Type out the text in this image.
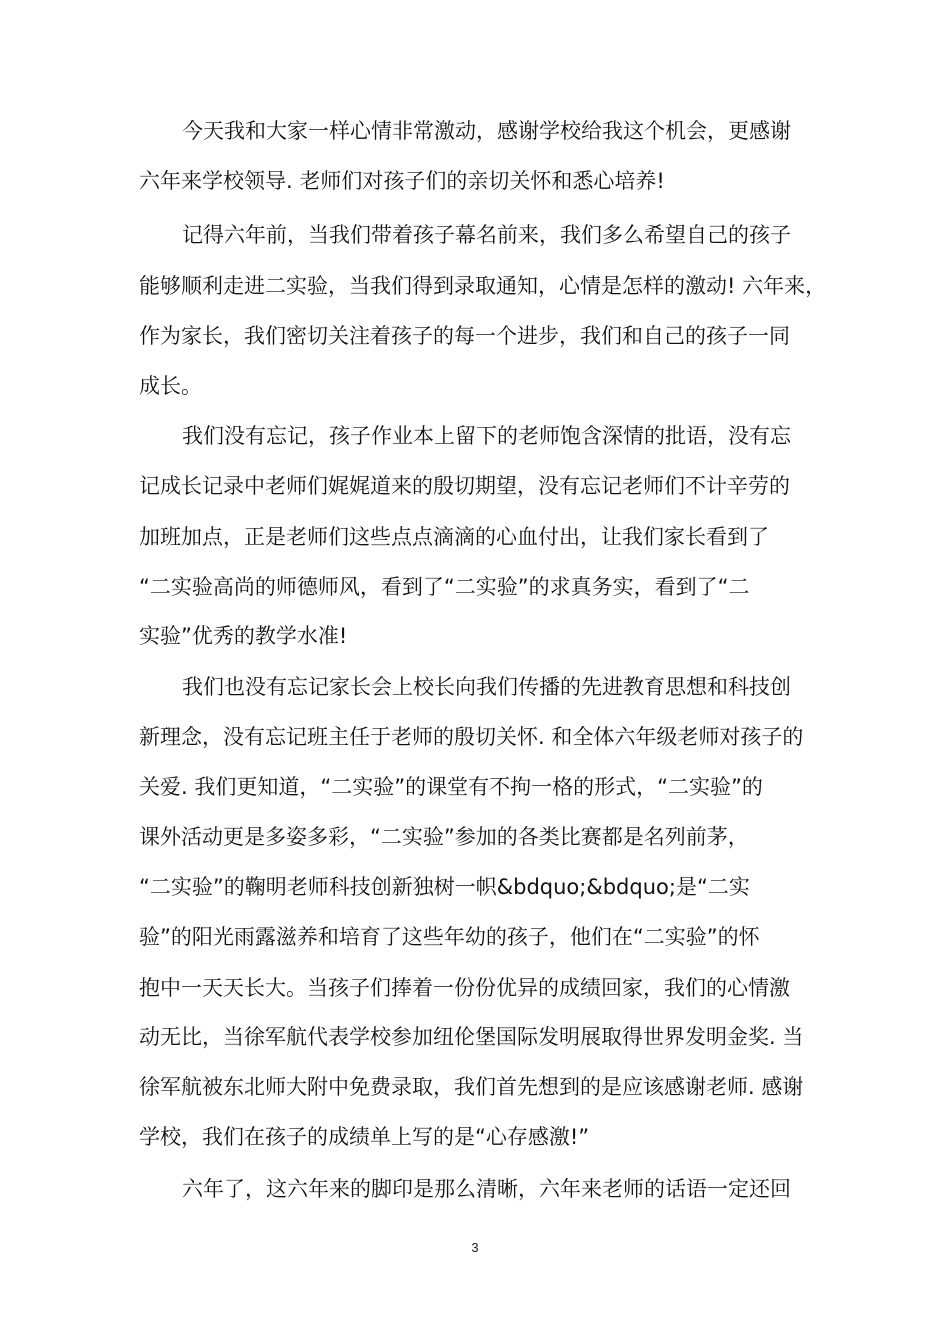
今天我和大家一样心情非常激动，感谢学校给我这个机会，更感谢
六年来学校领导. 老师们对孩子们的亲切关怀和悉心培养!
记得六年前，当我们带着孩子幕名前来，我们多么希望自己的孩子
能够顺利走进二实验，当我们得到录取通知，心情是怎样的激动! 六年来，
作为家长，我们密切关注着孩子的每一个进步，我们和自己的孩子一同
成长。
我们没有忘记，孩子作业本上留下的老师饱含深情的批语，没有忘
记成长记录中老师们娓娓道来的殷切期望，没有忘记老师们不计辛劳的
加班加点，正是老师们这些点点滴滴的心血付出，让我们家长看到了
“二实验高尚的师德师风，看到了“二实验”的求真务实，看到了“二
实验”优秀的教学水准!
我们也没有忘记家长会上校长向我们传播的先进教育思想和科技创
新理念，没有忘记班主任于老师的殷切关怀. 和全体六年级老师对孩子的
关爱. 我们更知道，“二实验”的课堂有不拘一格的形式，“二实验”的
课外活动更是多姿多彩，“二实验”参加的各类比赛都是名列前茅，
“二实验”的鞠明老师科技创新独树一帜&bdquo;&bdquo;是“二实
验”的阳光雨露滋养和培育了这些年幼的孩子，他们在“二实验”的怀
抱中一天天长大。当孩子们捧着一份份优异的成绩回家，我们的心情激
动无比，当徐军航代表学校参加纽伦堡国际发明展取得世界发明金奖. 当
徐军航被东北师大附中免费录取，我们首先想到的是应该感谢老师. 感谢
学校，我们在孩子的成绩单上写的是“心存感激!”
六年了，这六年来的脚印是那么清晰，六年来老师的话语一定还回
3
